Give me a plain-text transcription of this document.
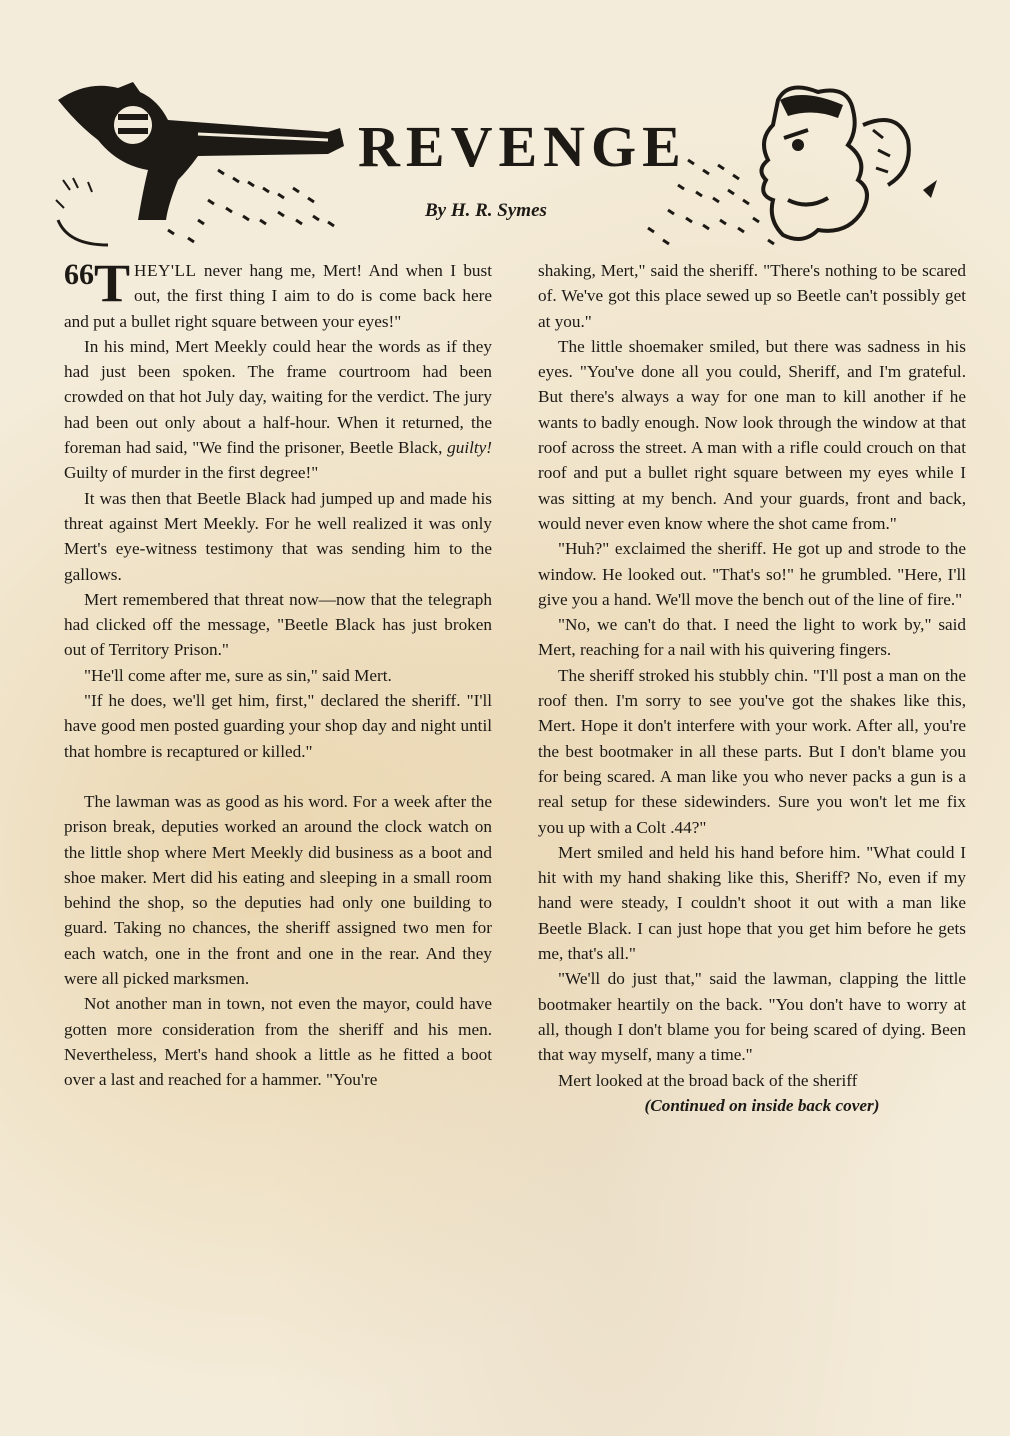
REVENGE
By H. R. Symes

66 T HEY'LL never hang me, Mert! And when I bust out, the first thing I aim to do is come back here and put a bullet right square between your eyes!"

In his mind, Mert Meekly could hear the words as if they had just been spoken. The frame courtroom had been crowded on that hot July day, waiting for the verdict. The jury had been out only about a half-hour. When it returned, the foreman had said, "We find the prisoner, Beetle Black, guilty! Guilty of murder in the first degree!"

It was then that Beetle Black had jumped up and made his threat against Mert Meekly. For he well realized it was only Mert's eye-witness testimony that was sending him to the gallows.

Mert remembered that threat now—now that the telegraph had clicked off the message, "Beetle Black has just broken out of Territory Prison."

"He'll come after me, sure as sin," said Mert.

"If he does, we'll get him, first," declared the sheriff. "I'll have good men posted guarding your shop day and night until that hombre is recaptured or killed."

The lawman was as good as his word. For a week after the prison break, deputies worked an around the clock watch on the little shop where Mert Meekly did business as a boot and shoe maker. Mert did his eating and sleeping in a small room behind the shop, so the deputies had only one building to guard. Taking no chances, the sheriff assigned two men for each watch, one in the front and one in the rear. And they were all picked marksmen.

Not another man in town, not even the mayor, could have gotten more consideration from the sheriff and his men. Nevertheless, Mert's hand shook a little as he fitted a boot over a last and reached for a hammer. "You're

shaking, Mert," said the sheriff. "There's nothing to be scared of. We've got this place sewed up so Beetle can't possibly get at you."

The little shoemaker smiled, but there was sadness in his eyes. "You've done all you could, Sheriff, and I'm grateful. But there's always a way for one man to kill another if he wants to badly enough. Now look through the window at that roof across the street. A man with a rifle could crouch on that roof and put a bullet right square between my eyes while I was sitting at my bench. And your guards, front and back, would never even know where the shot came from."

"Huh?" exclaimed the sheriff. He got up and strode to the window. He looked out. "That's so!" he grumbled. "Here, I'll give you a hand. We'll move the bench out of the line of fire."

"No, we can't do that. I need the light to work by," said Mert, reaching for a nail with his quivering fingers.

The sheriff stroked his stubbly chin. "I'll post a man on the roof then. I'm sorry to see you've got the shakes like this, Mert. Hope it don't interfere with your work. After all, you're the best bootmaker in all these parts. But I don't blame you for being scared. A man like you who never packs a gun is a real setup for these sidewinders. Sure you won't let me fix you up with a Colt .44?"

Mert smiled and held his hand before him. "What could I hit with my hand shaking like this, Sheriff? No, even if my hand were steady, I couldn't shoot it out with a man like Beetle Black. I can just hope that you get him before he gets me, that's all."

"We'll do just that," said the lawman, clapping the little bootmaker heartily on the back. "You don't have to worry at all, though I don't blame you for being scared of dying. Been that way myself, many a time."

Mert looked at the broad back of the sheriff

(Continued on inside back cover)
